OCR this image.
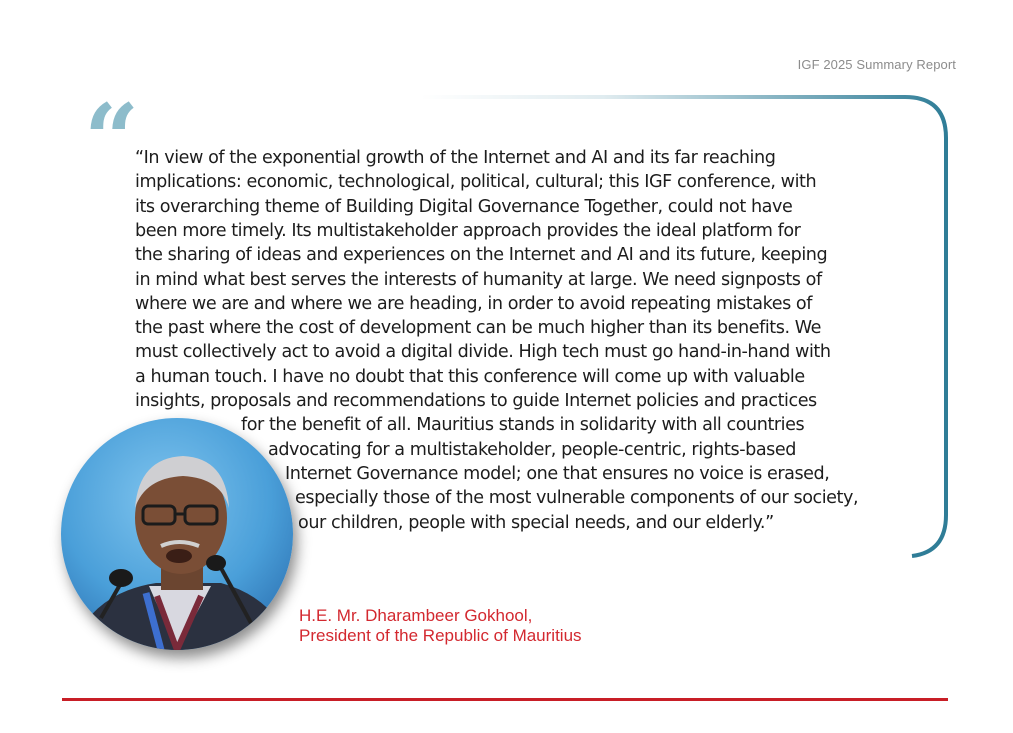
IGF 2025 Summary Report
“
“In view of the exponential growth of the Internet and AI and its far reaching
implications: economic, technological, political, cultural; this IGF conference, with
its overarching theme of Building Digital Governance Together, could not have
been more timely. Its multistakeholder approach provides the ideal platform for
the sharing of ideas and experiences on the Internet and AI and its future, keeping
in mind what best serves the interests of humanity at large. We need signposts of
where we are and where we are heading, in order to avoid repeating mistakes of
the past where the cost of development can be much higher than its benefits. We
must collectively act to avoid a digital divide. High tech must go hand-in-hand with
a human touch. I have no doubt that this conference will come up with valuable
insights, proposals and recommendations to guide Internet policies and practices
for the benefit of all. Mauritius stands in solidarity with all countries
advocating for a multistakeholder, people-centric, rights-based
Internet Governance model; one that ensures no voice is erased,
especially those of the most vulnerable components of our society,
our children, people with special needs, and our elderly.”
H.E. Mr. Dharambeer Gokhool,
President of the Republic of Mauritius
